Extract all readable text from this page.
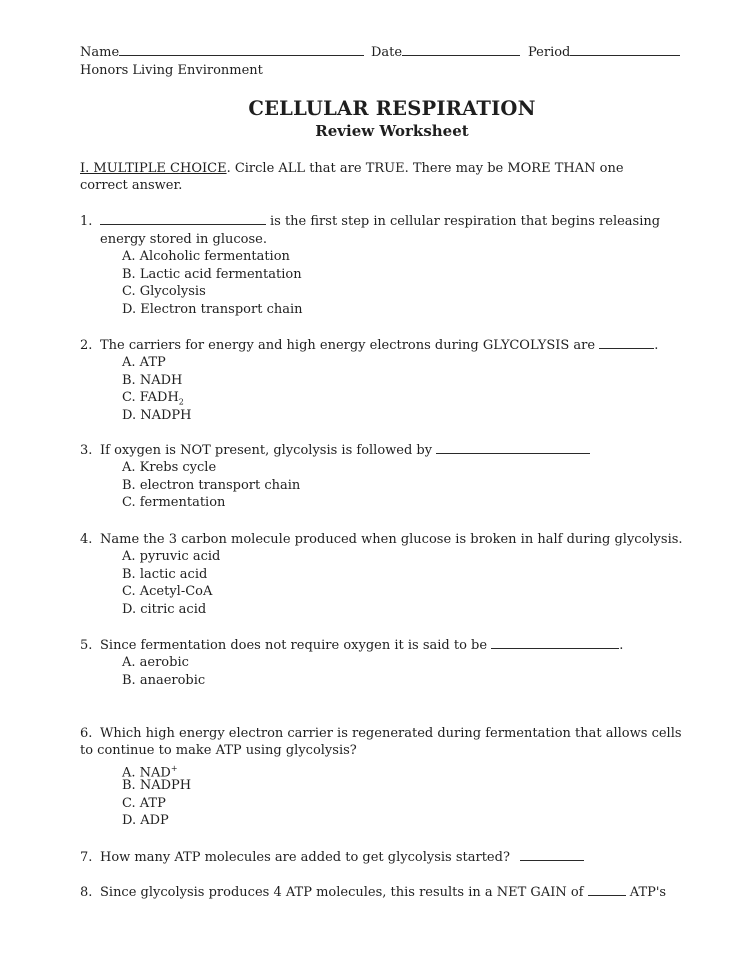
Name	Date	Period
Honors Living Environment
CELLULAR RESPIRATION
Review Worksheet
I. MULTIPLE CHOICE. Circle ALL that are TRUE. There may be MORE THAN one
correct answer.
1.	is the first step in cellular respiration that begins releasing
energy stored in glucose.
A. Alcoholic fermentation
B. Lactic acid fermentation
C. Glycolysis
D. Electron transport chain
2. The carriers for energy and high energy electrons during GLYCOLYSIS are	.
A. ATP
B. NADH
C. $FADH_2$
D. NADPH
3. If oxygen is NOT present, glycolysis is followed by
A. Krebs cycle
B. electron transport chain
C. fermentation
4. Name the 3 carbon molecule produced when glucose is broken in half during glycolysis.
A. pyruvic acid
B. lactic acid
C. Acetyl-CoA
D. citric acid
5. Since fermentation does not require oxygen it is said to be	.
A. aerobic
B. anaerobic
6. Which high energy electron carrier is regenerated during fermentation that allows cells
to continue to make ATP using glycolysis?
A. NAD+
B. NADPH
C. ATP
D. ADP
7. How many ATP molecules are added to get glycolysis started?
8. Since glycolysis produces 4 ATP molecules, this results in a NET GAIN of	ATP's
